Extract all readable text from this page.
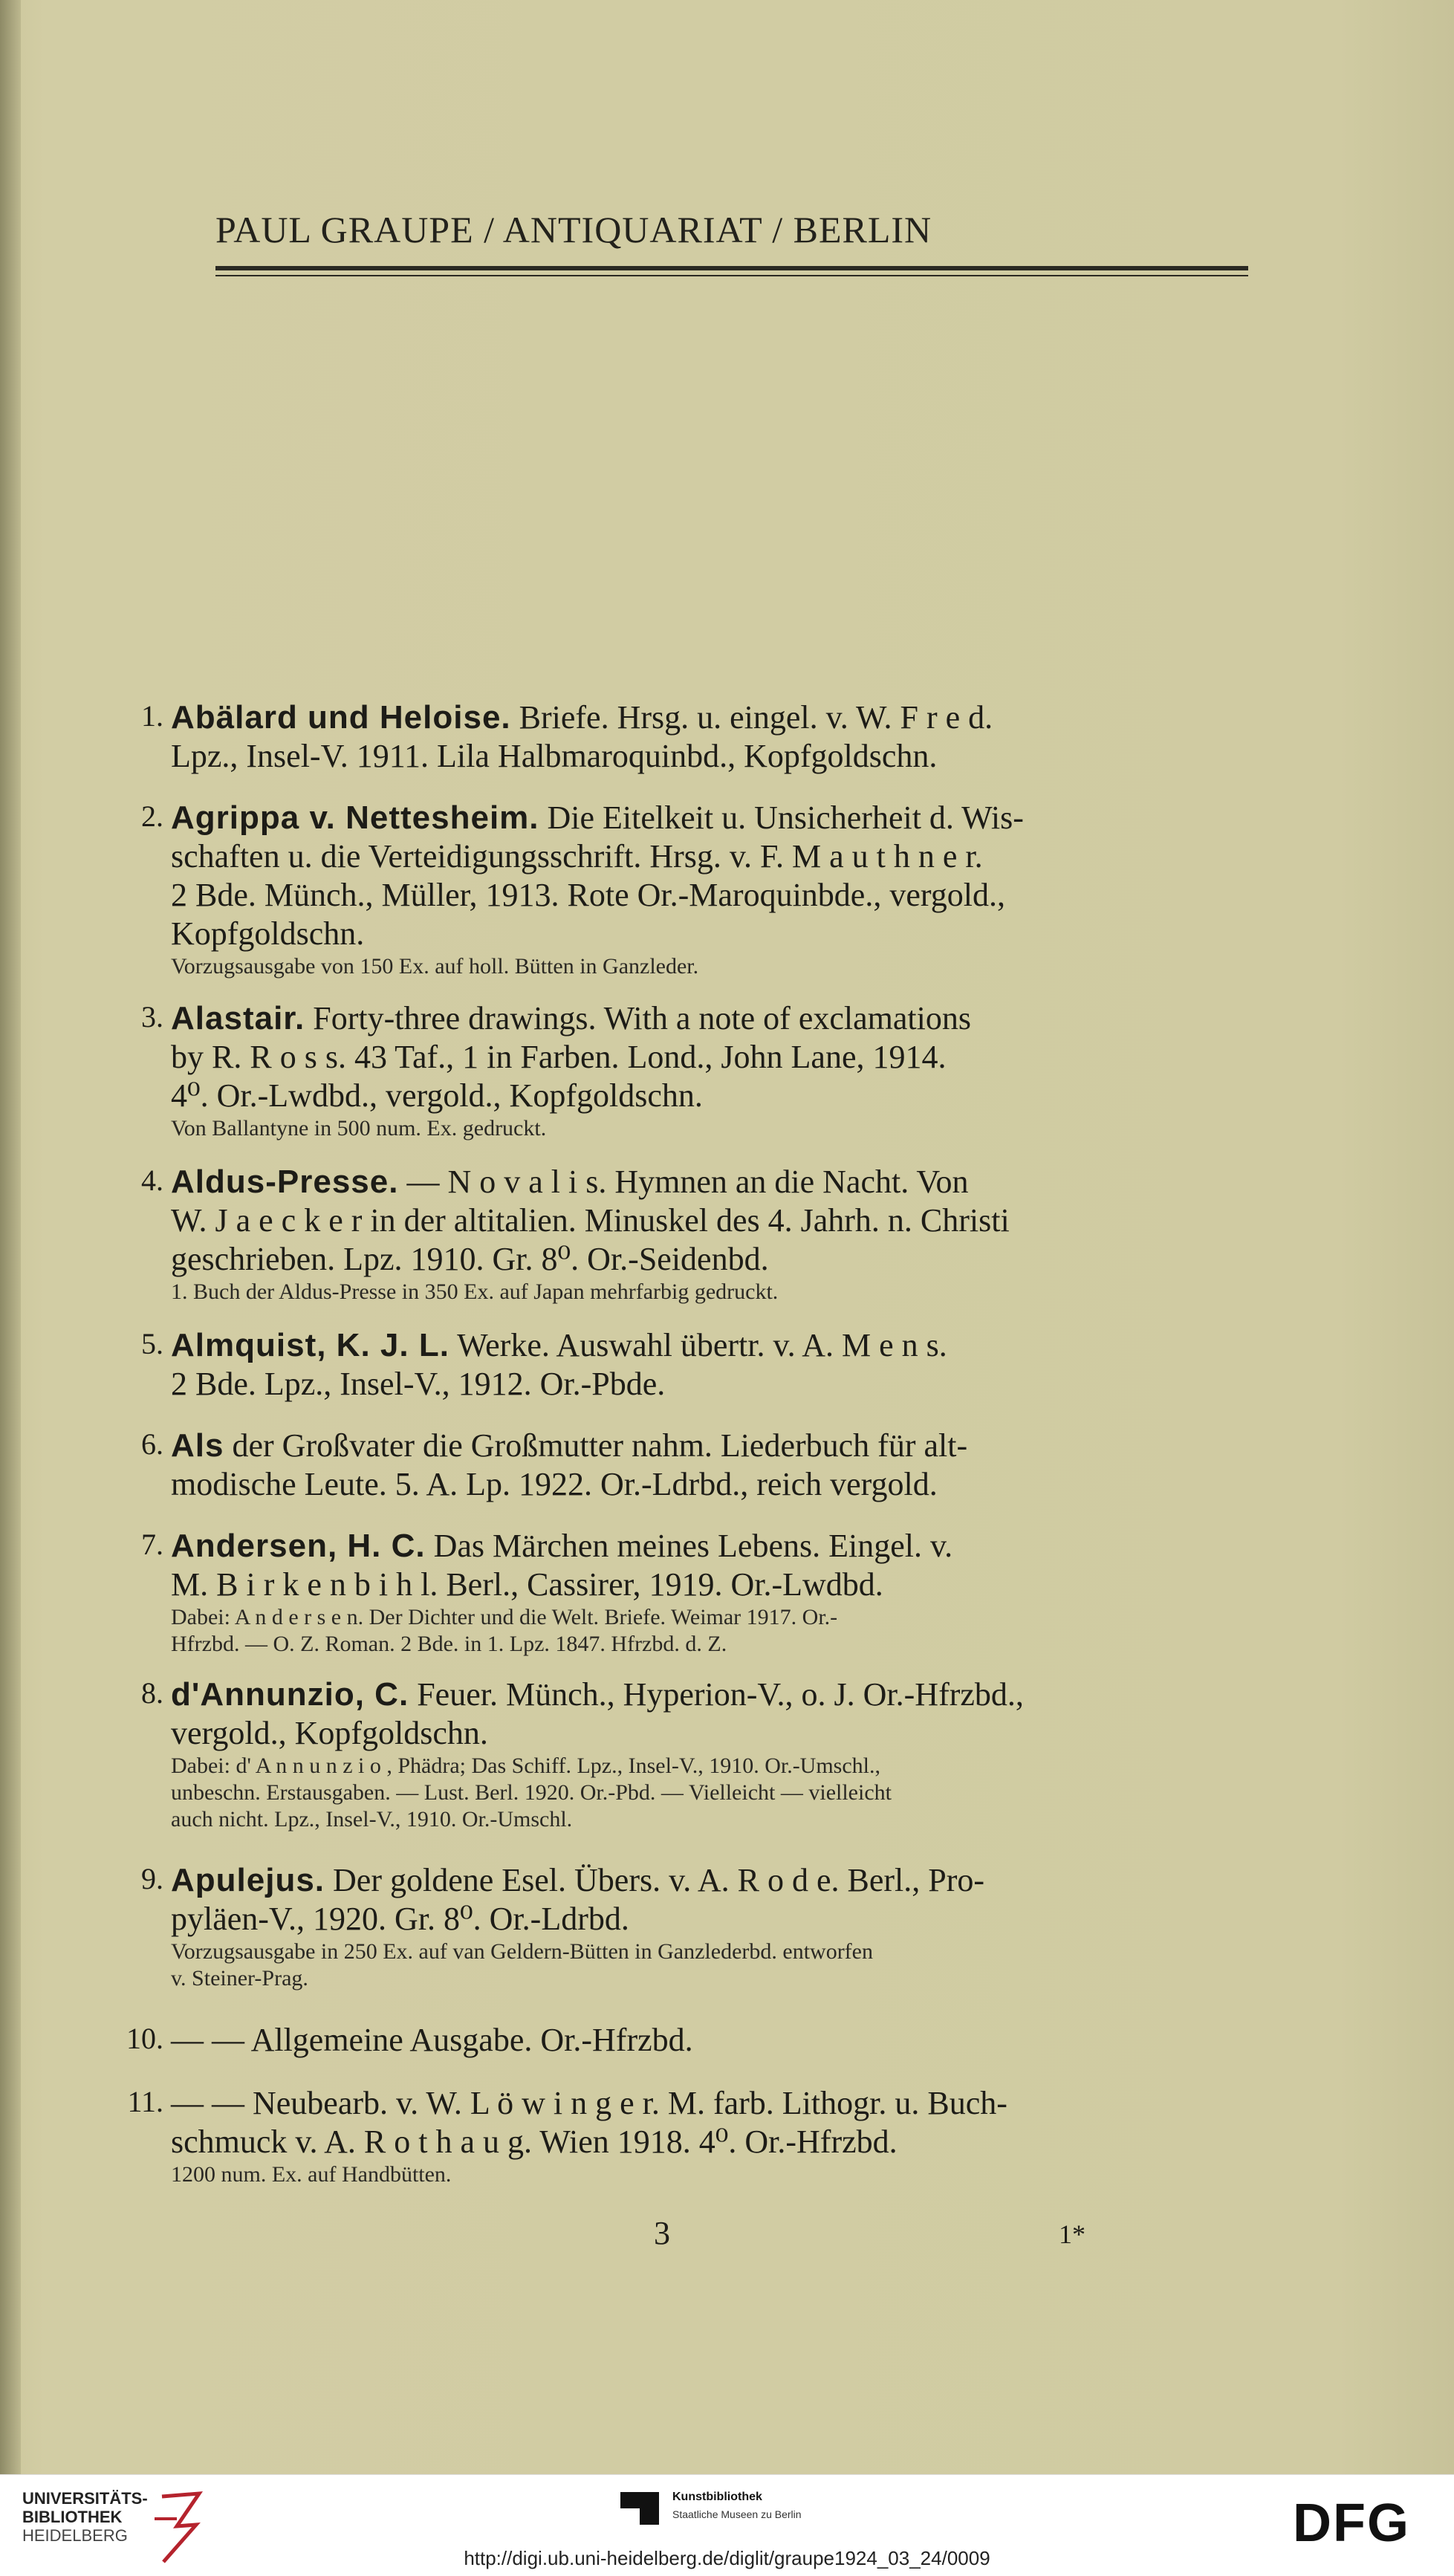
PAUL GRAUPE / ANTIQUARIAT / BERLIN
1. Abälard und Heloise. Briefe. Hrsg. u. eingel. v. W. F r e d.
Lpz., Insel-V. 1911. Lila Halbmaroquinbd., Kopfgoldschn.
2. Agrippa v. Nettesheim. Die Eitelkeit u. Unsicherheit d. Wis-
schaften u. die Verteidigungsschrift. Hrsg. v. F. M a u t h n e r.
2 Bde. Münch., Müller, 1913. Rote Or.-Maroquinbde., vergold.,
Kopfgoldschn.
Vorzugsausgabe von 150 Ex. auf holl. Bütten in Ganzleder.
3. Alastair. Forty-three drawings. With a note of exclamations
by R. R o s s. 43 Taf., 1 in Farben. Lond., John Lane, 1914.
4⁰. Or.-Lwdbd., vergold., Kopfgoldschn.
Von Ballantyne in 500 num. Ex. gedruckt.
4. Aldus-Presse. — N o v a l i s. Hymnen an die Nacht. Von
W. J a e c k e r in der altitalien. Minuskel des 4. Jahrh. n. Christi
geschrieben. Lpz. 1910. Gr. 8⁰. Or.-Seidenbd.
1. Buch der Aldus-Presse in 350 Ex. auf Japan mehrfarbig gedruckt.
5. Almquist, K. J. L. Werke. Auswahl übertr. v. A. M e n s.
2 Bde. Lpz., Insel-V., 1912. Or.-Pbde.
6. Als der Großvater die Großmutter nahm. Liederbuch für alt-
modische Leute. 5. A. Lp. 1922. Or.-Ldrbd., reich vergold.
7. Andersen, H. C. Das Märchen meines Lebens. Eingel. v.
M. B i r k e n b i h l. Berl., Cassirer, 1919. Or.-Lwdbd.
Dabei: A n d e r s e n. Der Dichter und die Welt. Briefe. Weimar 1917. Or.-
Hfrzbd. — O. Z. Roman. 2 Bde. in 1. Lpz. 1847. Hfrzbd. d. Z.
8. d'Annunzio, C. Feuer. Münch., Hyperion-V., o. J. Or.-Hfrzbd.,
vergold., Kopfgoldschn.
Dabei: d' A n n u n z i o , Phädra; Das Schiff. Lpz., Insel-V., 1910. Or.-Umschl.,
unbeschn. Erstausgaben. — Lust. Berl. 1920. Or.-Pbd. — Vielleicht — vielleicht
auch nicht. Lpz., Insel-V., 1910. Or.-Umschl.
9. Apulejus. Der goldene Esel. Übers. v. A. R o d e. Berl., Pro-
pyläen-V., 1920. Gr. 8⁰. Or.-Ldrbd.
Vorzugsausgabe in 250 Ex. auf van Geldern-Bütten in Ganzlederbd. entworfen
v. Steiner-Prag.
10. — — Allgemeine Ausgabe. Or.-Hfrzbd.
11. — — Neubearb. v. W. L ö w i n g e r. M. farb. Lithogr. u. Buch-
schmuck v. A. R o t h a u g. Wien 1918. 4⁰. Or.-Hfrzbd.
1200 num. Ex. auf Handbütten.
3	1*
UNIVERSITÄTS-
BIBLIOTHEK
HEIDELBERG
Kunstbibliothek
Staatliche Museen zu Berlin	DFG
http://digi.ub.uni-heidelberg.de/diglit/graupe1924_03_24/0009
